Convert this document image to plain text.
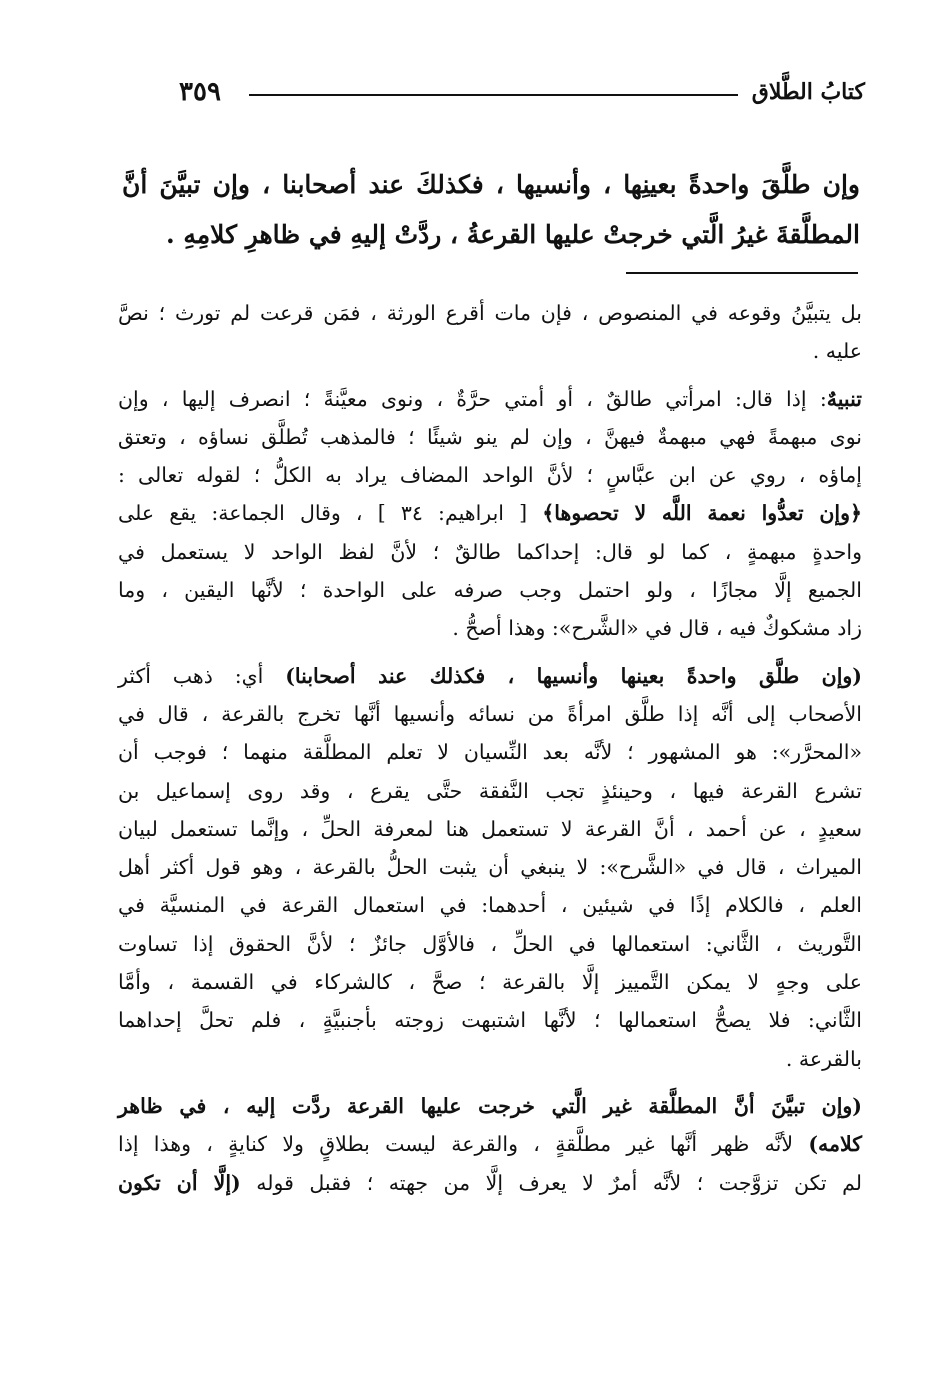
٣٥٩	كتابُ الطَّلاق
وإن طلَّقَ واحدةً بعينِها ، وأنسيها ، فكذلكَ عند أصحابنا ، وإن تبيَّنَ أنَّ
المطلَّقةَ غيرُ الَّتي خرجتْ عليها القرعةُ ، ردَّتْ إليهِ في ظاهرِ كلامِهِ .
بل يتبيَّنُ وقوعه في المنصوص ، فإن مات أقرع الورثة ، فمَن قرعت لم تورث ؛ نصَّ
عليه .
تنبيهٌ: إذا قال: امرأتي طالقٌ ، أو أمتي حرَّةٌ ، ونوى معيَّنةً ؛ انصرف إليها ، وإن
نوى مبهمةً فهي مبهمةٌ فيهنَّ ، وإن لم ينو شيئًا ؛ فالمذهب تُطلَّق نساؤه ، وتعتق
إماؤه ، روي عن ابن عبَّاسٍ ؛ لأنَّ الواحد المضاف يراد به الكلُّ ؛ لقوله تعالى :
﴿وإن تعدُّوا نعمة اللَّه لا تحصوها﴾ [ ابراهيم: ٣٤ ] ، وقال الجماعة: يقع على
واحدةٍ مبهمةٍ ، كما لو قال: إحداكما طالقٌ ؛ لأنَّ لفظ الواحد لا يستعمل في
الجميع إلَّا مجازًا ، ولو احتمل وجب صرفه على الواحدة ؛ لأنَّها اليقين ، وما
زاد مشكوكٌ فيه ، قال في «الشَّرح»: وهذا أصحُّ .
(وإن طلَّق واحدةً بعينها وأنسيها ، فكذلك عند أصحابنا) أي: ذهب أكثر
الأصحاب إلى أنَّه إذا طلَّق امرأةً من نسائه وأنسيها أنَّها تخرج بالقرعة ، قال في
«المحرَّر»: هو المشهور ؛ لأنَّه بعد النِّسيان لا تعلم المطلَّقة منهما ؛ فوجب أن
تشرع القرعة فيها ، وحينئذٍ تجب النَّفقة حتَّى يقرع ، وقد روى إسماعيل بن
سعيدٍ ، عن أحمد ، أنَّ القرعة لا تستعمل هنا لمعرفة الحلِّ ، وإنَّما تستعمل لبيان
الميراث ، قال في «الشَّرح»: لا ينبغي أن يثبت الحلُّ بالقرعة ، وهو قول أكثر أهل
العلم ، فالكلام إذًا في شيئين ، أحدهما: في استعمال القرعة في المنسيَّة في
التَّوريث ، الثَّاني: استعمالها في الحلِّ ، فالأوَّل جائزٌ ؛ لأنَّ الحقوق إذا تساوت
على وجهٍ لا يمكن التَّمييز إلَّا بالقرعة ؛ صحَّ ، كالشركاء في القسمة ، وأمَّا
الثَّاني: فلا يصحُّ استعمالها ؛ لأنَّها اشتبهت زوجته بأجنبيَّةٍ ، فلم تحلَّ إحداهما
بالقرعة .
(وإن تبيَّنَ أنَّ المطلَّقة غير الَّتي خرجت عليها القرعة ردَّت إليه ، في ظاهر
كلامه) لأنَّه ظهر أنَّها غير مطلَّقةٍ ، والقرعة ليست بطلاقٍ ولا كنايةٍ ، وهذا إذا
لم تكن تزوَّجت ؛ لأنَّه أمرٌ لا يعرف إلَّا من جهته ؛ فقبل قوله (إلَّا أن تكون
